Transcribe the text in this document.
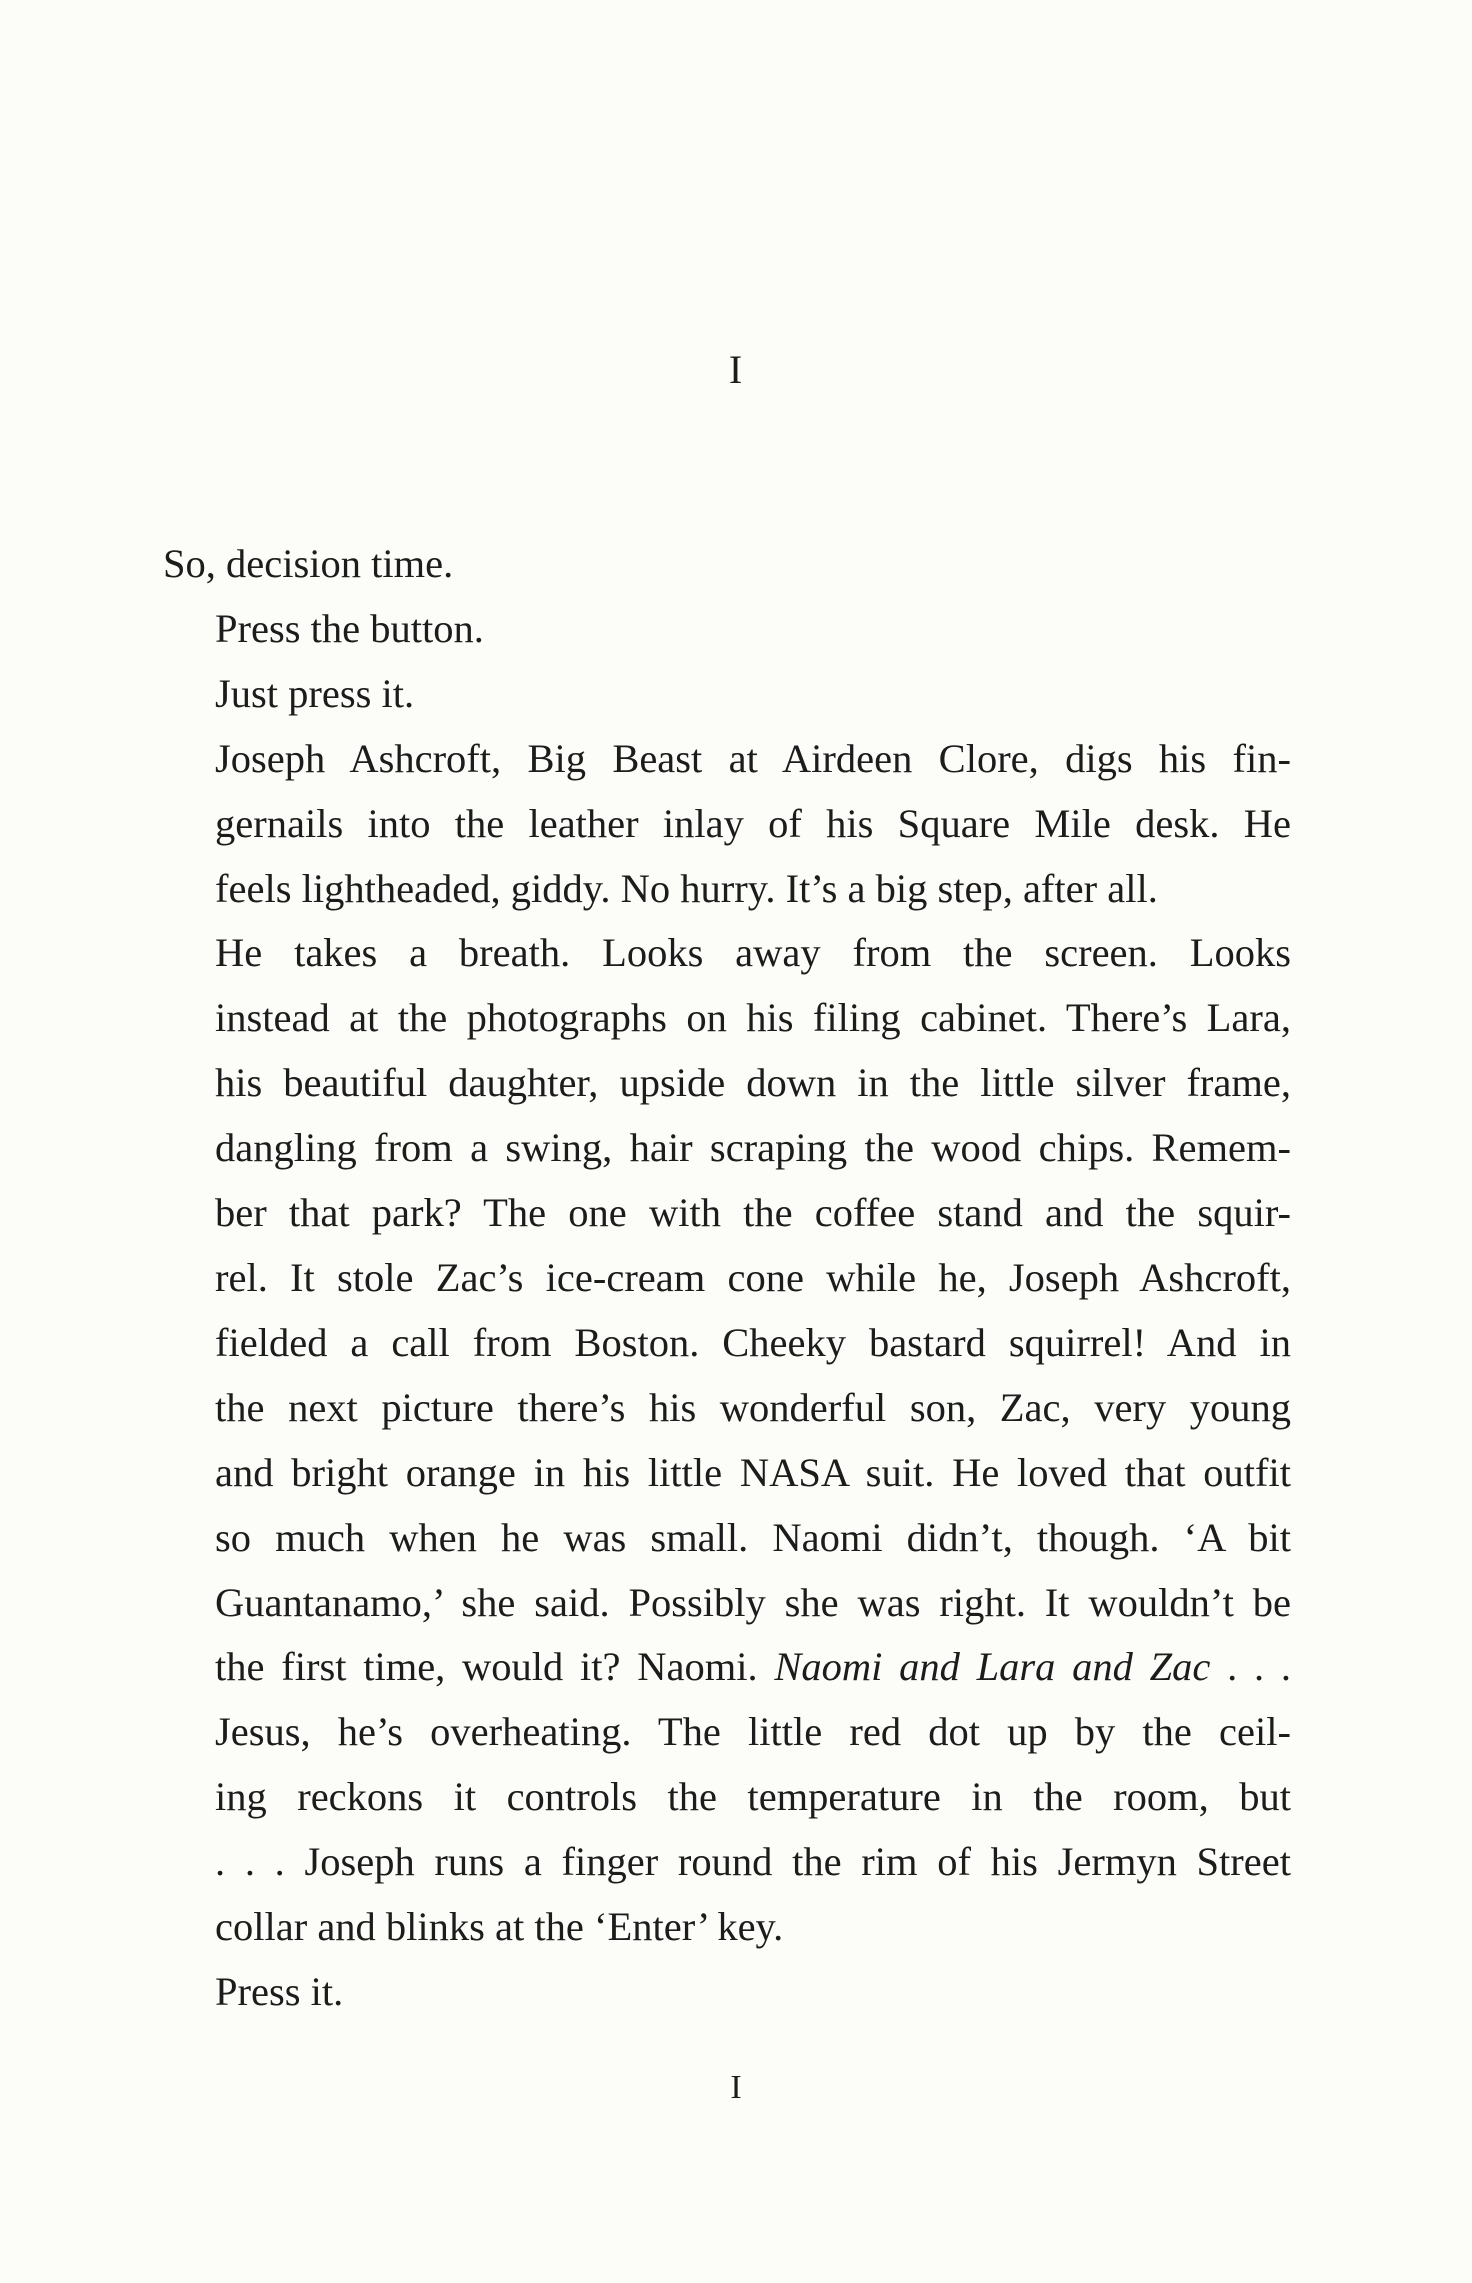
I

So, decision time.

Press the button.

Just press it.

Joseph Ashcroft, Big Beast at Airdeen Clore, digs his fin-
gernails into the leather inlay of his Square Mile desk. He
feels lightheaded, giddy. No hurry. It’s a big step, after all.

He takes a breath. Looks away from the screen. Looks
instead at the photographs on his filing cabinet. There’s Lara,
his beautiful daughter, upside down in the little silver frame,
dangling from a swing, hair scraping the wood chips. Remem-
ber that park? The one with the coffee stand and the squir-
rel. It stole Zac’s ice-cream cone while he, Joseph Ashcroft,
fielded a call from Boston. Cheeky bastard squirrel! And in
the next picture there’s his wonderful son, Zac, very young
and bright orange in his little NASA suit. He loved that outfit
so much when he was small. Naomi didn’t, though. ‘A bit
Guantanamo,’ she said. Possibly she was right. It wouldn’t be
the first time, would it? Naomi. Naomi and Lara and Zac . . .

Jesus, he’s overheating. The little red dot up by the ceil-
ing reckons it controls the temperature in the room, but
. . . Joseph runs a finger round the rim of his Jermyn Street
collar and blinks at the ‘Enter’ key.

Press it.

I
